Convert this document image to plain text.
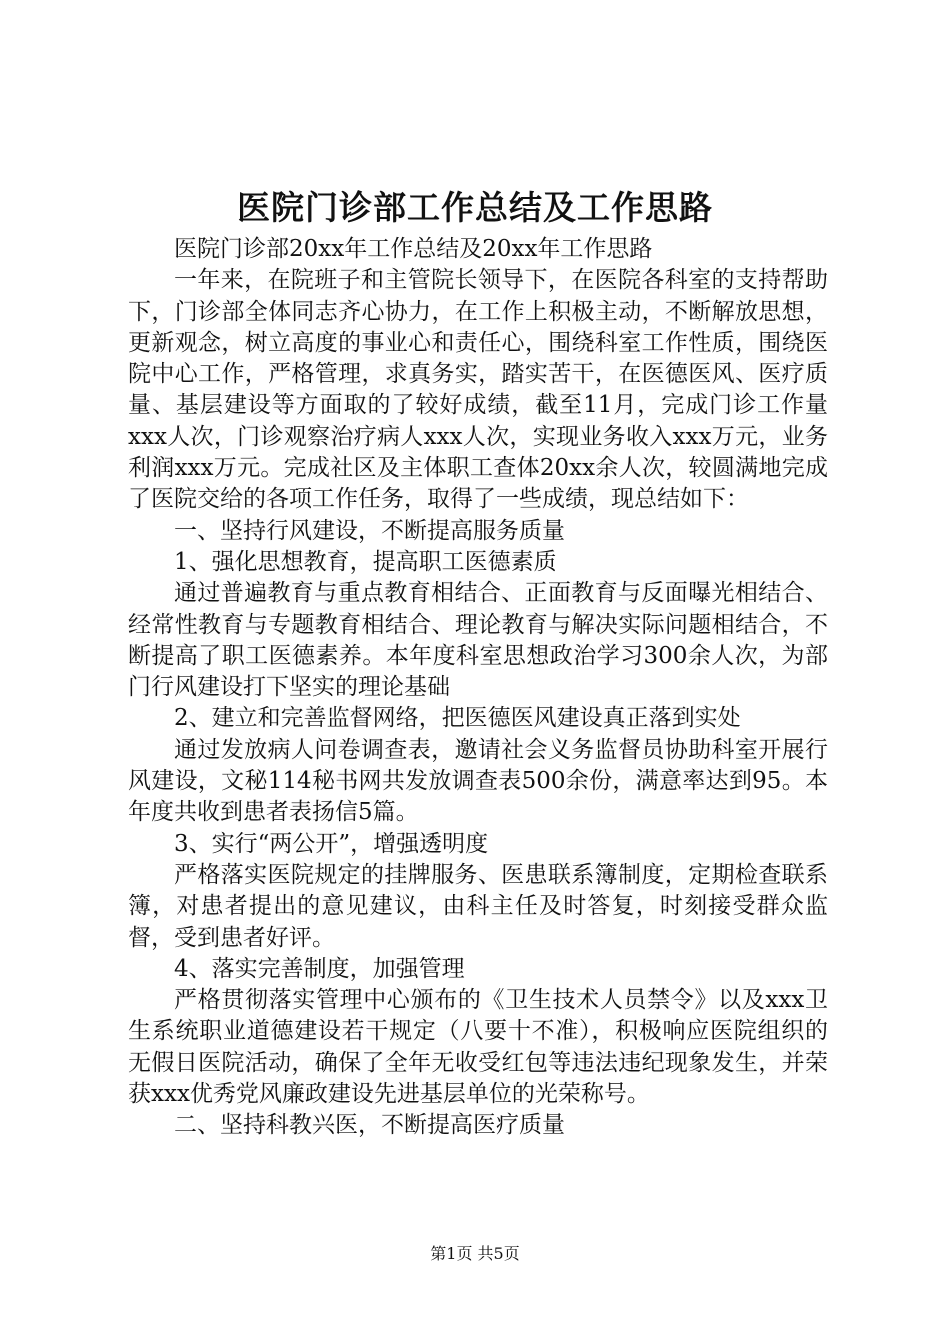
医院门诊部工作总结及工作思路

医院门诊部20xx年工作总结及20xx年工作思路

一年来，在院班子和主管院长领导下，在医院各科室的支持帮助下，门诊部全体同志齐心协力，在工作上积极主动，不断解放思想，更新观念，树立高度的事业心和责任心，围绕科室工作性质，围绕医院中心工作，严格管理，求真务实，踏实苦干，在医德医风、医疗质量、基层建设等方面取的了较好成绩，截至11月，完成门诊工作量xxx人次，门诊观察治疗病人xxx人次，实现业务收入xxx万元，业务利润xxx万元。完成社区及主体职工查体20xx余人次，较圆满地完成了医院交给的各项工作任务，取得了一些成绩，现总结如下：

一、坚持行风建设，不断提高服务质量

1、强化思想教育，提高职工医德素质

通过普遍教育与重点教育相结合、正面教育与反面曝光相结合、经常性教育与专题教育相结合、理论教育与解决实际问题相结合，不断提高了职工医德素养。本年度科室思想政治学习300余人次，为部门行风建设打下坚实的理论基础

2、建立和完善监督网络，把医德医风建设真正落到实处

通过发放病人问卷调查表，邀请社会义务监督员协助科室开展行风建设，文秘114秘书网共发放调查表500余份，满意率达到95。本年度共收到患者表扬信5篇。

3、实行“两公开”，增强透明度

严格落实医院规定的挂牌服务、医患联系簿制度，定期检查联系簿，对患者提出的意见建议，由科主任及时答复，时刻接受群众监督，受到患者好评。

4、落实完善制度，加强管理

严格贯彻落实管理中心颁布的《卫生技术人员禁令》以及xxx卫生系统职业道德建设若干规定（八要十不准），积极响应医院组织的无假日医院活动，确保了全年无收受红包等违法违纪现象发生，并荣获xxx优秀党风廉政建设先进基层单位的光荣称号。

二、坚持科教兴医，不断提高医疗质量

第1页 共5页
